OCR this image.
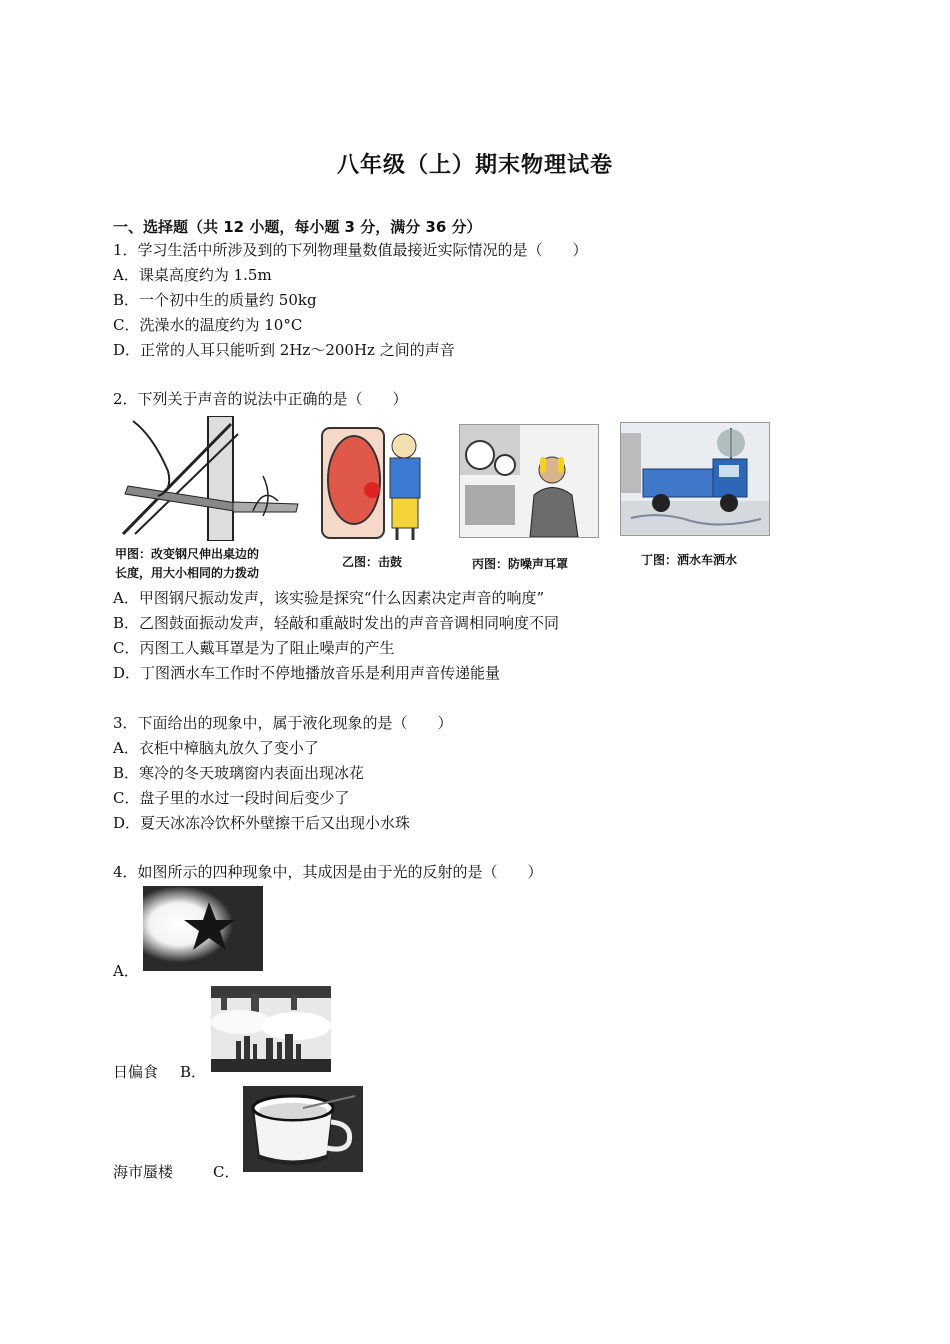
八年级（上）期末物理试卷
一、选择题（共 12 小题，每小题 3 分，满分 36 分）
1．学习生活中所涉及到的下列物理量数值最接近实际情况的是（　　）
A．课桌高度约为 1.5m
B．一个初中生的质量约 50kg
C．洗澡水的温度约为 10°C
D．正常的人耳只能听到 2Hz～200Hz 之间的声音
2．下列关于声音的说法中正确的是（　　）
甲图：改变钢尺伸出桌边的
长度，用大小相同的力拨动
乙图：击鼓	丙图：防噪声耳罩	丁图：洒水车洒水
A．甲图钢尺振动发声，该实验是探究“什么因素决定声音的响度”
B．乙图鼓面振动发声，轻敲和重敲时发出的声音音调相同响度不同
C．丙图工人戴耳罩是为了阻止噪声的产生
D．丁图洒水车工作时不停地播放音乐是利用声音传递能量
3．下面给出的现象中，属于液化现象的是（　　）
A．衣柜中樟脑丸放久了变小了
B．寒冷的冬天玻璃窗内表面出现冰花
C．盘子里的水过一段时间后变少了
D．夏天冰冻冷饮杯外壁擦干后又出现小水珠
4．如图所示的四种现象中，其成因是由于光的反射的是（　　）
A．
日偏食 B．
海市蜃楼	C．
